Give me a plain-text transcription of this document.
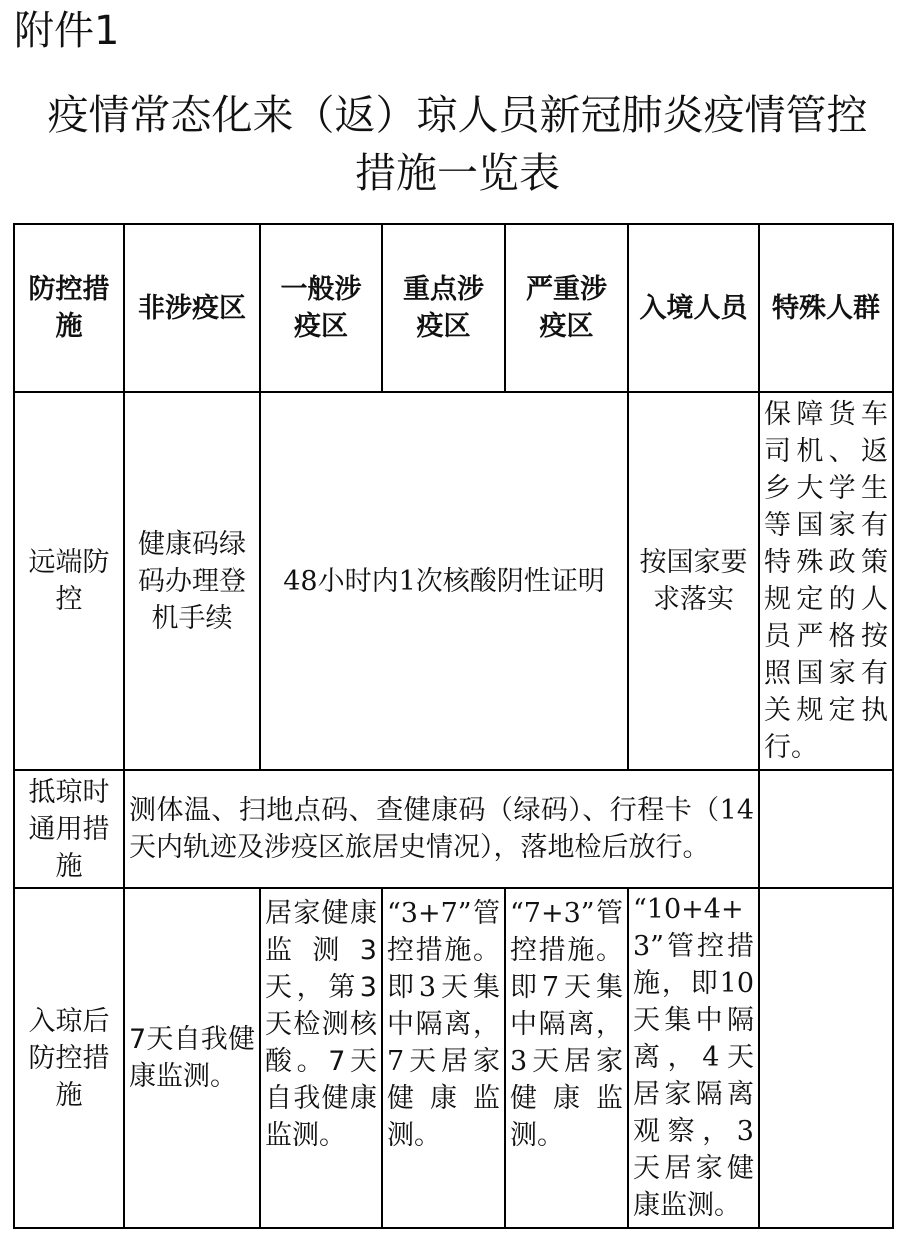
附件1
疫情常态化来（返）琼人员新冠肺炎疫情管控
措施一览表
防控措施	非涉疫区	一般涉疫区	重点涉疫区	严重涉疫区	入境人员	特殊人群
远端防控	健康码绿码办理登机手续	48小时内1次核酸阴性证明			按国家要求落实	保障货车司机、返乡大学生等国家有特殊政策规定的人员严格按照国家有关规定执行。
抵琼时通用措施	测体温、扫地点码、查健康码（绿码）、行程卡（14天内轨迹及涉疫区旅居史情况），落地检后放行。					
入琼后防控措施	7天自我健康监测。	居家健康监测3天，第3天检测核酸。7天自我健康监测。	“3+7”管控措施。即3天集中隔离，7天居家健康监测。	“7+3”管控措施。即7天集中隔离，3天居家健康监测。	“10+4+3”管控措施，即10天集中隔离，4天居家隔离观察，3天居家健康监测。	
